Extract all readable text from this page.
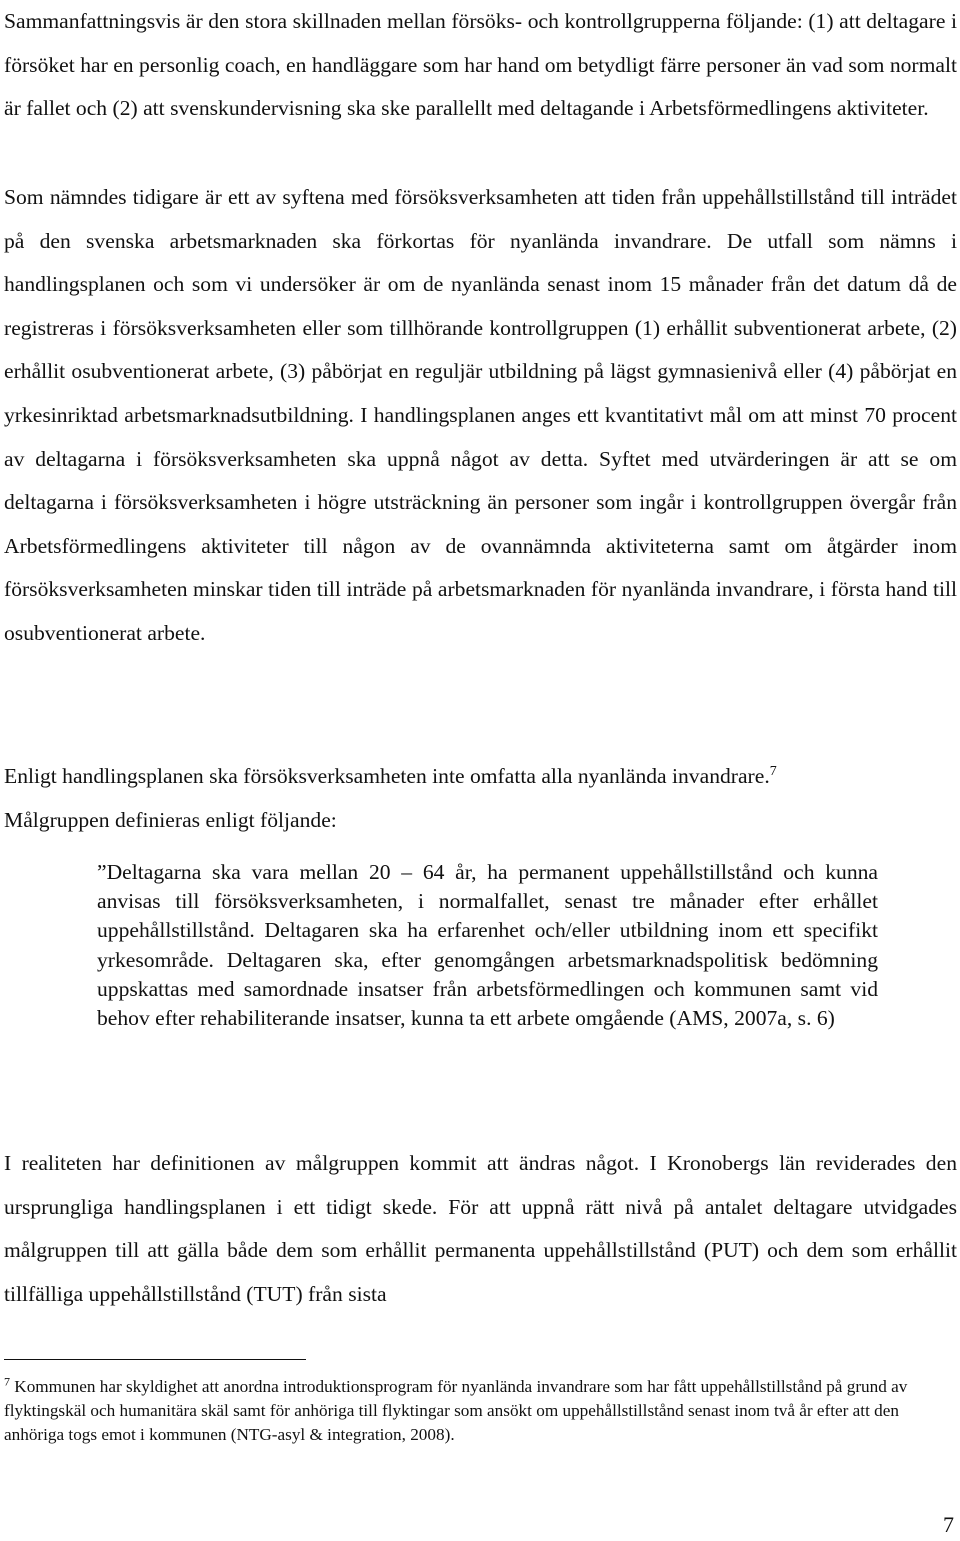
Sammanfattningsvis är den stora skillnaden mellan försöks- och kontrollgrupperna följande: (1) att deltagare i försöket har en personlig coach, en handläggare som har hand om betydligt färre personer än vad som normalt är fallet och (2) att svenskundervisning ska ske parallellt med deltagande i Arbetsförmedlingens aktiviteter.

Som nämndes tidigare är ett av syftena med försöksverksamheten att tiden från uppehållstillstånd till inträdet på den svenska arbetsmarknaden ska förkortas för nyanlända invandrare. De utfall som nämns i handlingsplanen och som vi undersöker är om de nyanlända senast inom 15 månader från det datum då de registreras i försöksverksamheten eller som tillhörande kontrollgruppen (1) erhållit subventionerat arbete, (2) erhållit osubventionerat arbete, (3) påbörjat en reguljär utbildning på lägst gymnasienivå eller (4) påbörjat en yrkesinriktad arbetsmarknadsutbildning. I handlingsplanen anges ett kvantitativt mål om att minst 70 procent av deltagarna i försöksverksamheten ska uppnå något av detta. Syftet med utvärderingen är att se om deltagarna i försöksverksamheten i högre utsträckning än personer som ingår i kontrollgruppen övergår från Arbetsförmedlingens aktiviteter till någon av de ovannämnda aktiviteterna samt om åtgärder inom försöksverksamheten minskar tiden till inträde på arbetsmarknaden för nyanlända invandrare, i första hand till osubventionerat arbete.

Enligt handlingsplanen ska försöksverksamheten inte omfatta alla nyanlända invandrare.$^7$
Målgruppen definieras enligt följande:

”Deltagarna ska vara mellan 20 – 64 år, ha permanent uppehållstillstånd och kunna anvisas till försöksverksamheten, i normalfallet, senast tre månader efter erhållet uppehållstillstånd. Deltagaren ska ha erfarenhet och/eller utbildning inom ett specifikt yrkesområde. Deltagaren ska, efter genomgången arbetsmarknadspolitisk bedömning uppskattas med samordnade insatser från arbetsförmedlingen och kommunen samt vid behov efter rehabiliterande insatser, kunna ta ett arbete omgående (AMS, 2007a, s. 6)

I realiteten har definitionen av målgruppen kommit att ändras något. I Kronobergs län reviderades den ursprungliga handlingsplanen i ett tidigt skede. För att uppnå rätt nivå på antalet deltagare utvidgades målgruppen till att gälla både dem som erhållit permanenta uppehållstillstånd (PUT) och dem som erhållit tillfälliga uppehållstillstånd (TUT) från sista

$^7$ Kommunen har skyldighet att anordna introduktionsprogram för nyanlända invandrare som har fått uppehållstillstånd på grund av flyktingskäl och humanitära skäl samt för anhöriga till flyktingar som ansökt om uppehållstillstånd senast inom två år efter att den anhöriga togs emot i kommunen (NTG-asyl & integration, 2008).

7
